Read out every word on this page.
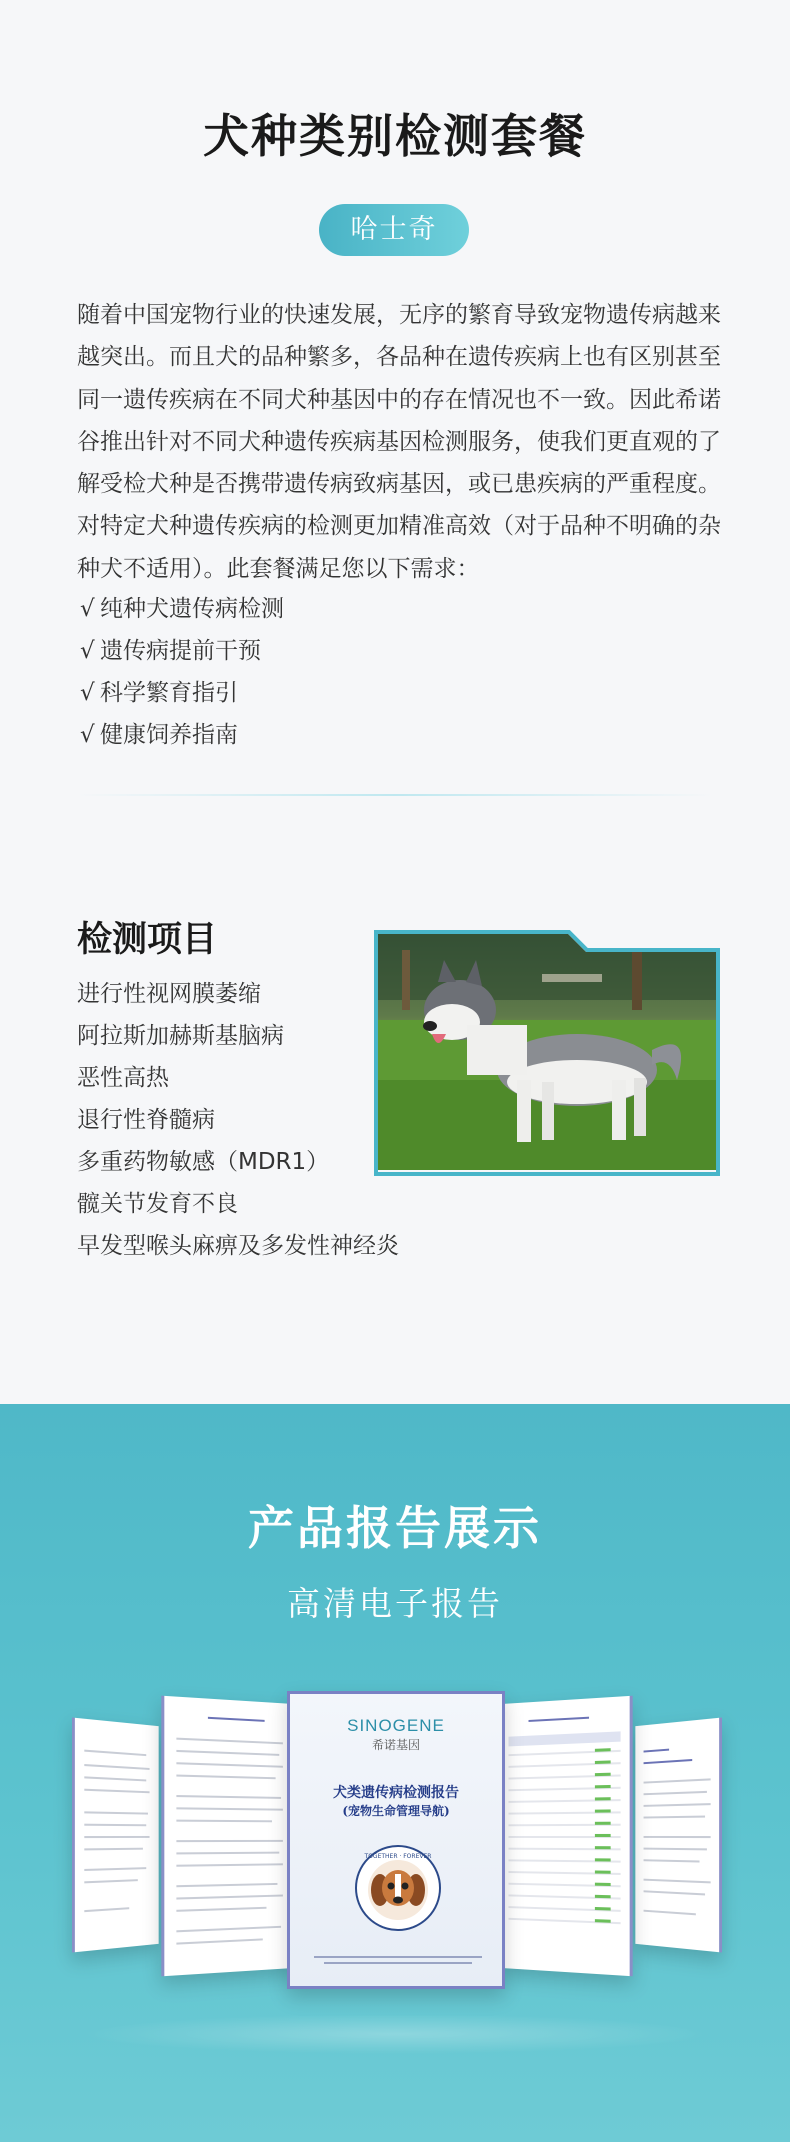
犬种类别检测套餐
哈士奇
随着中国宠物行业的快速发展，无序的繁育导致宠物遗传病越来越突出。而且犬的品种繁多，各品种在遗传疾病上也有区别甚至同一遗传疾病在不同犬种基因中的存在情况也不一致。因此希诺谷推出针对不同犬种遗传疾病基因检测服务，使我们更直观的了解受检犬种是否携带遗传病致病基因，或已患疾病的严重程度。对特定犬种遗传疾病的检测更加精准高效（对于品种不明确的杂种犬不适用）。此套餐满足您以下需求：
√ 纯种犬遗传病检测
√ 遗传病提前干预
√ 科学繁育指引
√ 健康饲养指南
检测项目
进行性视网膜萎缩
阿拉斯加赫斯基脑病
恶性高热
退行性脊髓病
多重药物敏感（MDR1）
髋关节发育不良
早发型喉头麻痹及多发性神经炎
产品报告展示
高清电子报告
SINOGENE
希诺基因
犬类遗传病检测报告
(宠物生命管理导航)
TOGETHER · FOREVER
